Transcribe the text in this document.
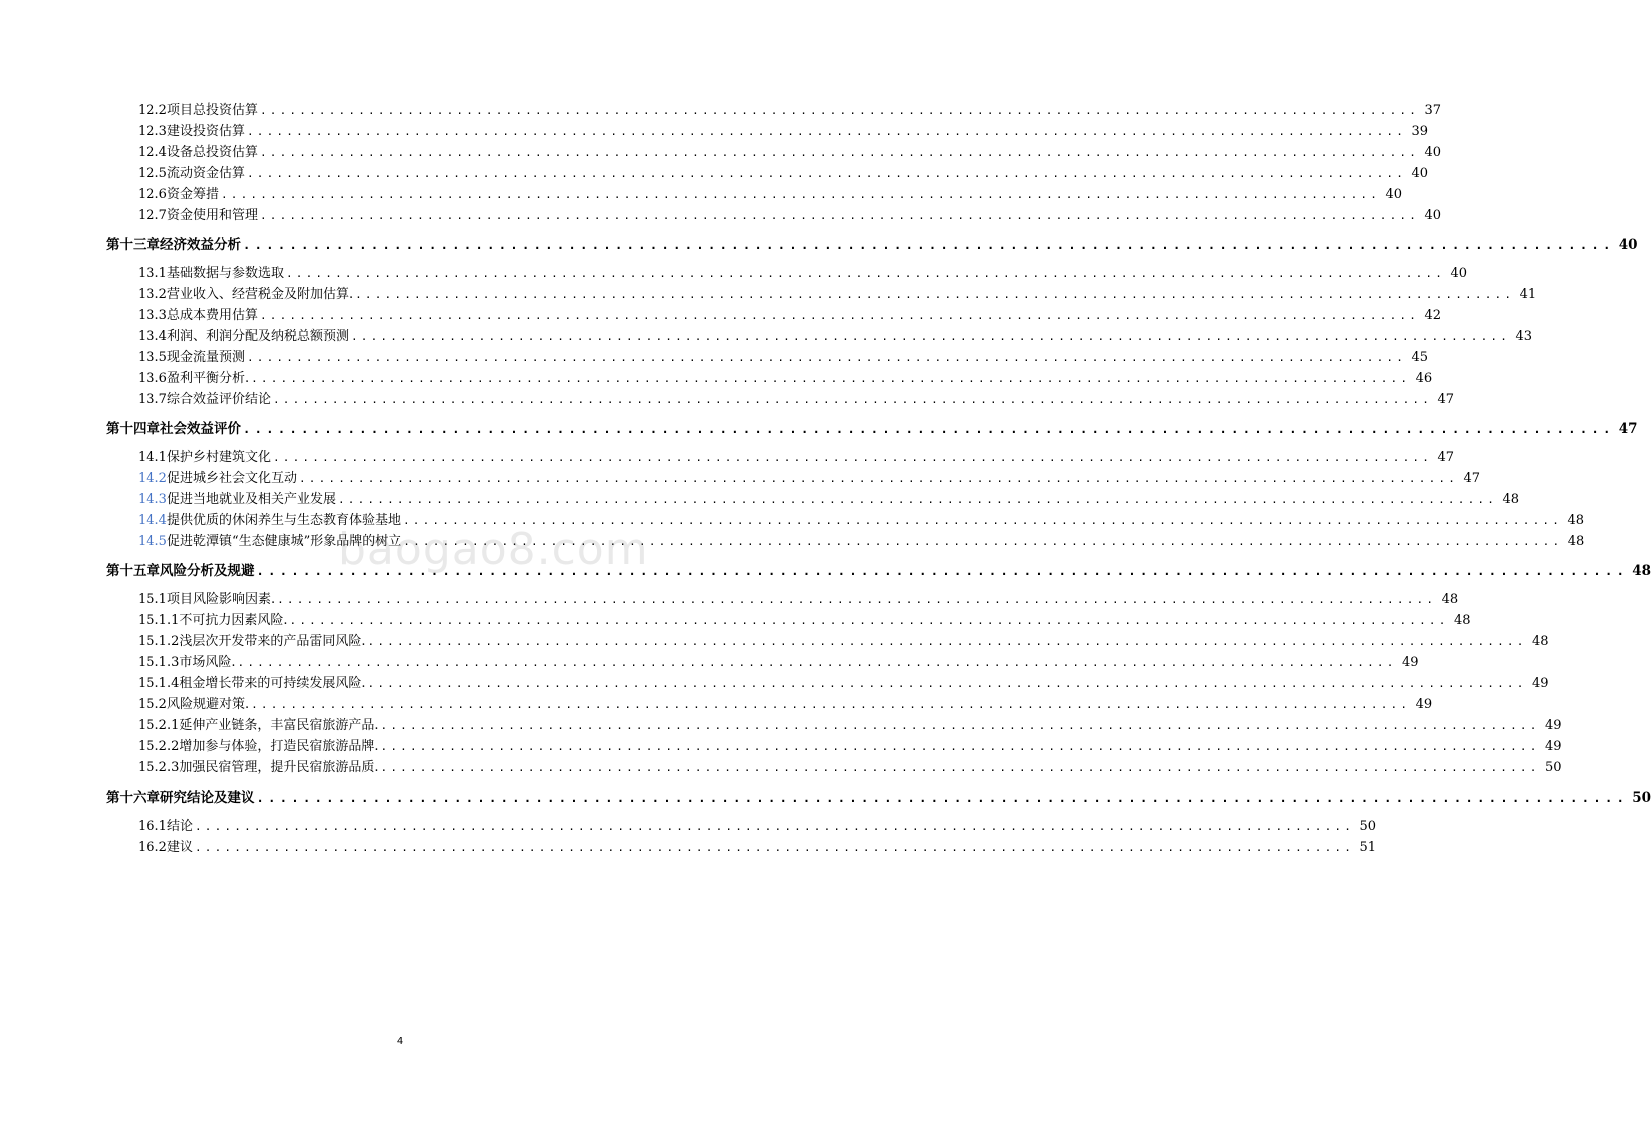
12.2 项目总投资估算 ...................................................................................................................... 37
12.3 建设投资估算 ...................................................................................................................... 39
12.4 设备总投资估算 ...................................................................................................................... 40
12.5 流动资金估算 ...................................................................................................................... 40
12.6 资金筹措 ...................................................................................................................... 40
12.7 资金使用和管理 ...................................................................................................................... 40
第十三章 经济效益分析 ...................................................................................................................... 40
13.1 基础数据与参数选取 ...................................................................................................................... 40
13.2 营业收入、经营税金及附加估算. ...................................................................................................................... 41
13.3 总成本费用估算 ...................................................................................................................... 42
13.4 利润、利润分配及纳税总额预测 ...................................................................................................................... 43
13.5 现金流量预测 ...................................................................................................................... 45
13.6 盈利平衡分析. ...................................................................................................................... 46
13.7 综合效益评价结论 ...................................................................................................................... 47
第十四章 社会效益评价 ...................................................................................................................... 47
14.1 保护乡村建筑文化 ...................................................................................................................... 47
14.2 促进城乡社会文化互动 ...................................................................................................................... 47
14.3 促进当地就业及相关产业发展 ...................................................................................................................... 48
14.4 提供优质的休闲养生与生态教育体验基地 ...................................................................................................................... 48
14.5 促进乾潭镇“生态健康城”形象品牌的树立 ...................................................................................................................... 48
第十五章 风险分析及规避 ...................................................................................................................... 48
15.1 项目风险影响因素. ...................................................................................................................... 48
15.1.1 不可抗力因素风险. ...................................................................................................................... 48
15.1.2 浅层次开发带来的产品雷同风险. ...................................................................................................................... 48
15.1.3 市场风险. ...................................................................................................................... 49
15.1.4 租金增长带来的可持续发展风险. ...................................................................................................................... 49
15.2 风险规避对策. ...................................................................................................................... 49
15.2.1 延伸产业链条，丰富民宿旅游产品. ...................................................................................................................... 49
15.2.2 增加参与体验，打造民宿旅游品牌. ...................................................................................................................... 49
15.2.3 加强民宿管理，提升民宿旅游品质. ...................................................................................................................... 50
第十六章 研究结论及建议 ...................................................................................................................... 50
16.1 结论 ...................................................................................................................... 50
16.2 建议 ...................................................................................................................... 51
baogao8.com
4
